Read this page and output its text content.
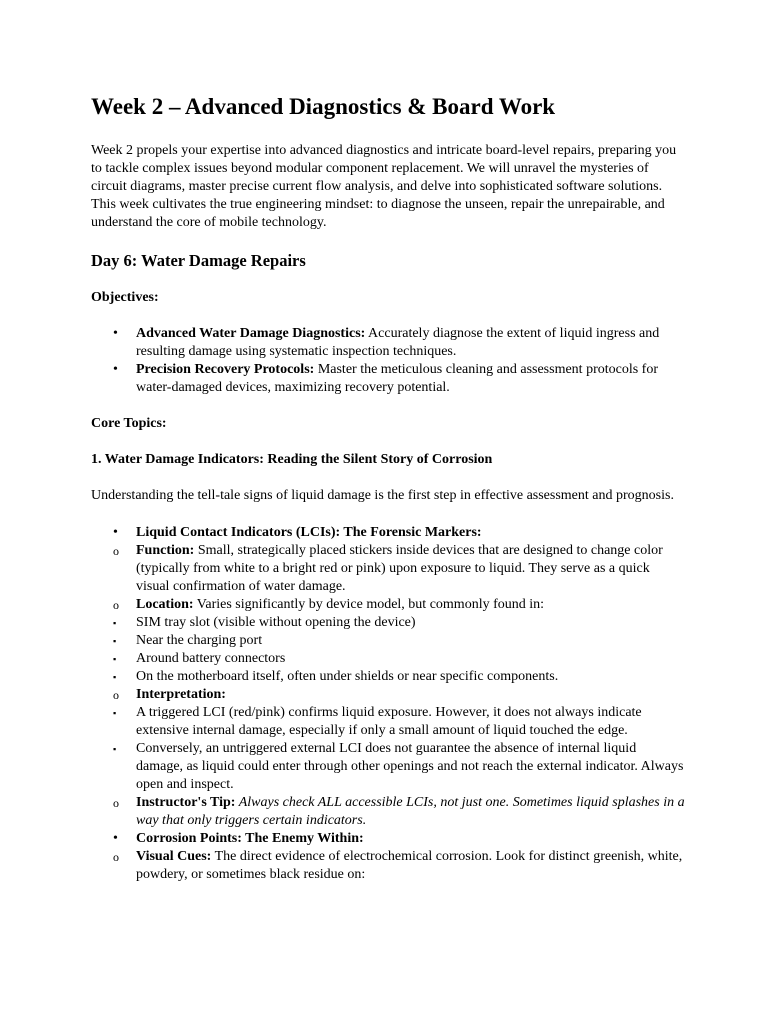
Week 2 – Advanced Diagnostics & Board Work

Week 2 propels your expertise into advanced diagnostics and intricate board-level repairs, preparing you to tackle complex issues beyond modular component replacement. We will unravel the mysteries of circuit diagrams, master precise current flow analysis, and delve into sophisticated software solutions. This week cultivates the true engineering mindset: to diagnose the unseen, repair the unrepairable, and understand the core of mobile technology.

Day 6: Water Damage Repairs
Objectives:
• Advanced Water Damage Diagnostics: Accurately diagnose the extent of liquid ingress and resulting damage using systematic inspection techniques.
• Precision Recovery Protocols: Master the meticulous cleaning and assessment protocols for water-damaged devices, maximizing recovery potential.
Core Topics:
1. Water Damage Indicators: Reading the Silent Story of Corrosion

Understanding the tell-tale signs of liquid damage is the first step in effective assessment and prognosis.

• Liquid Contact Indicators (LCIs): The Forensic Markers:
o Function: Small, strategically placed stickers inside devices that are designed to change color (typically from white to a bright red or pink) upon exposure to liquid. They serve as a quick visual confirmation of water damage.
o Location: Varies significantly by device model, but commonly found in:
▪ SIM tray slot (visible without opening the device)
▪ Near the charging port
▪ Around battery connectors
▪ On the motherboard itself, often under shields or near specific components.
o Interpretation:
▪ A triggered LCI (red/pink) confirms liquid exposure. However, it does not always indicate extensive internal damage, especially if only a small amount of liquid touched the edge.
▪ Conversely, an untriggered external LCI does not guarantee the absence of internal liquid damage, as liquid could enter through other openings and not reach the external indicator. Always open and inspect.
o Instructor's Tip: Always check ALL accessible LCIs, not just one. Sometimes liquid splashes in a way that only triggers certain indicators.
• Corrosion Points: The Enemy Within:
o Visual Cues: The direct evidence of electrochemical corrosion. Look for distinct greenish, white, powdery, or sometimes black residue on:
